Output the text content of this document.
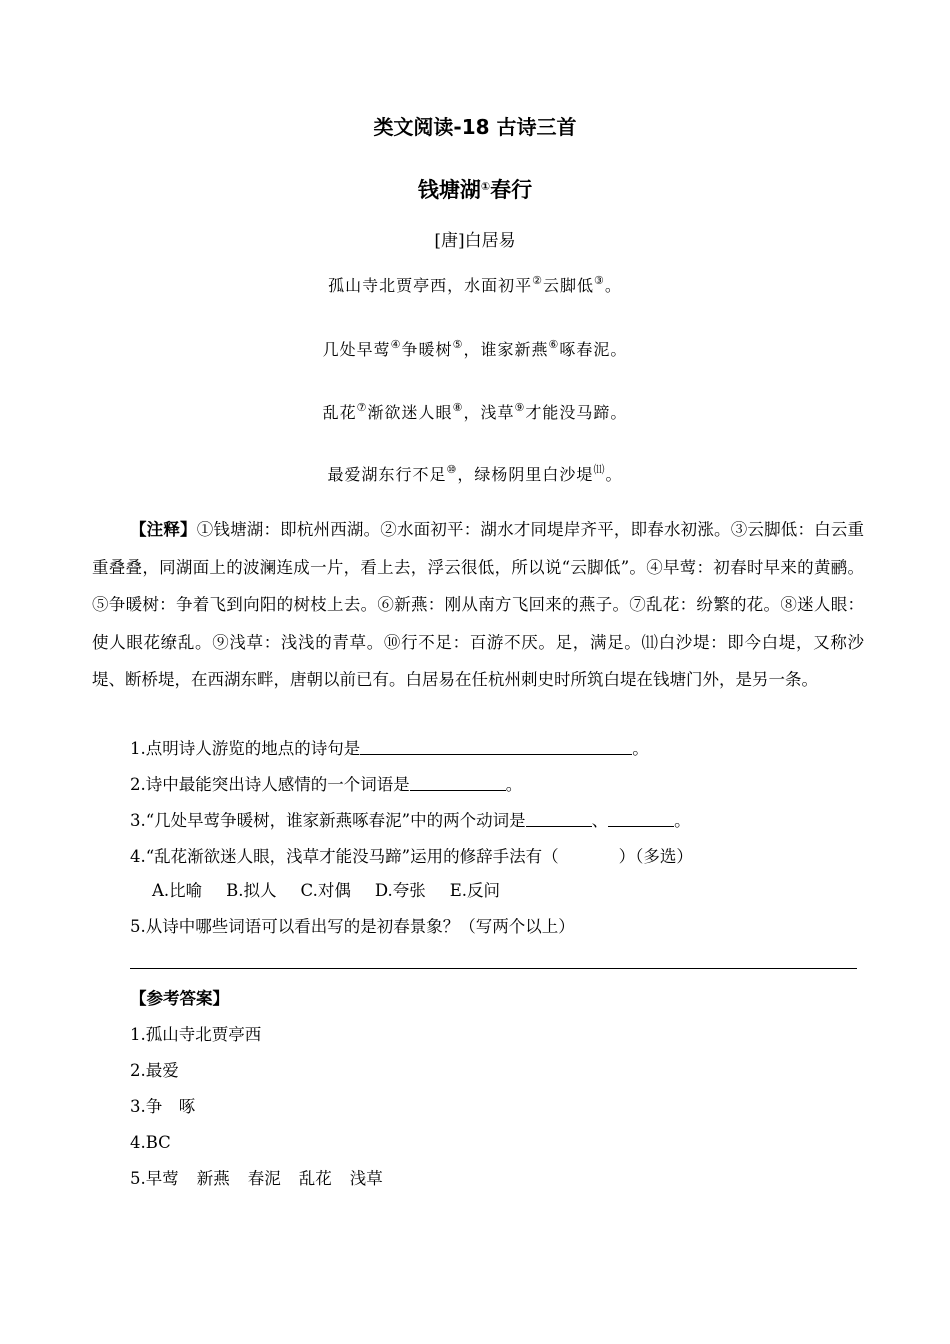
类文阅读-18 古诗三首
钱塘湖①春行
[唐]白居易
孤山寺北贾亭西，水面初平②云脚低③。
几处早莺④争暖树⑤，谁家新燕⑥啄春泥。
乱花⑦渐欲迷人眼⑧，浅草⑨才能没马蹄。
最爱湖东行不足⑩，绿杨阴里白沙堤⑾。

【注释】①钱塘湖：即杭州西湖。②水面初平：湖水才同堤岸齐平，即春水初涨。③云脚低：白云重重叠叠，同湖面上的波澜连成一片，看上去，浮云很低，所以说“云脚低”。④早莺：初春时早来的黄鹂。⑤争暖树：争着飞到向阳的树枝上去。⑥新燕：刚从南方飞回来的燕子。⑦乱花：纷繁的花。⑧迷人眼：使人眼花缭乱。⑨浅草：浅浅的青草。⑩行不足：百游不厌。足，满足。⑾白沙堤：即今白堤，又称沙堤、断桥堤，在西湖东畔，唐朝以前已有。白居易在任杭州刺史时所筑白堤在钱塘门外，是另一条。

1.点明诗人游览的地点的诗句是	。
2.诗中最能突出诗人感情的一个词语是	。
3.“几处早莺争暖树，谁家新燕啄春泥”中的两个动词是	、	。
4.“乱花渐欲迷人眼，浅草才能没马蹄”运用的修辞手法有（	）（多选）
A.比喻 B.拟人 C.对偶 D.夸张 E.反问
5.从诗中哪些词语可以看出写的是初春景象？（写两个以上）
【参考答案】
1.孤山寺北贾亭西
2.最爱
3.争　啄
4.BC
5.早莺 新燕 春泥 乱花 浅草
